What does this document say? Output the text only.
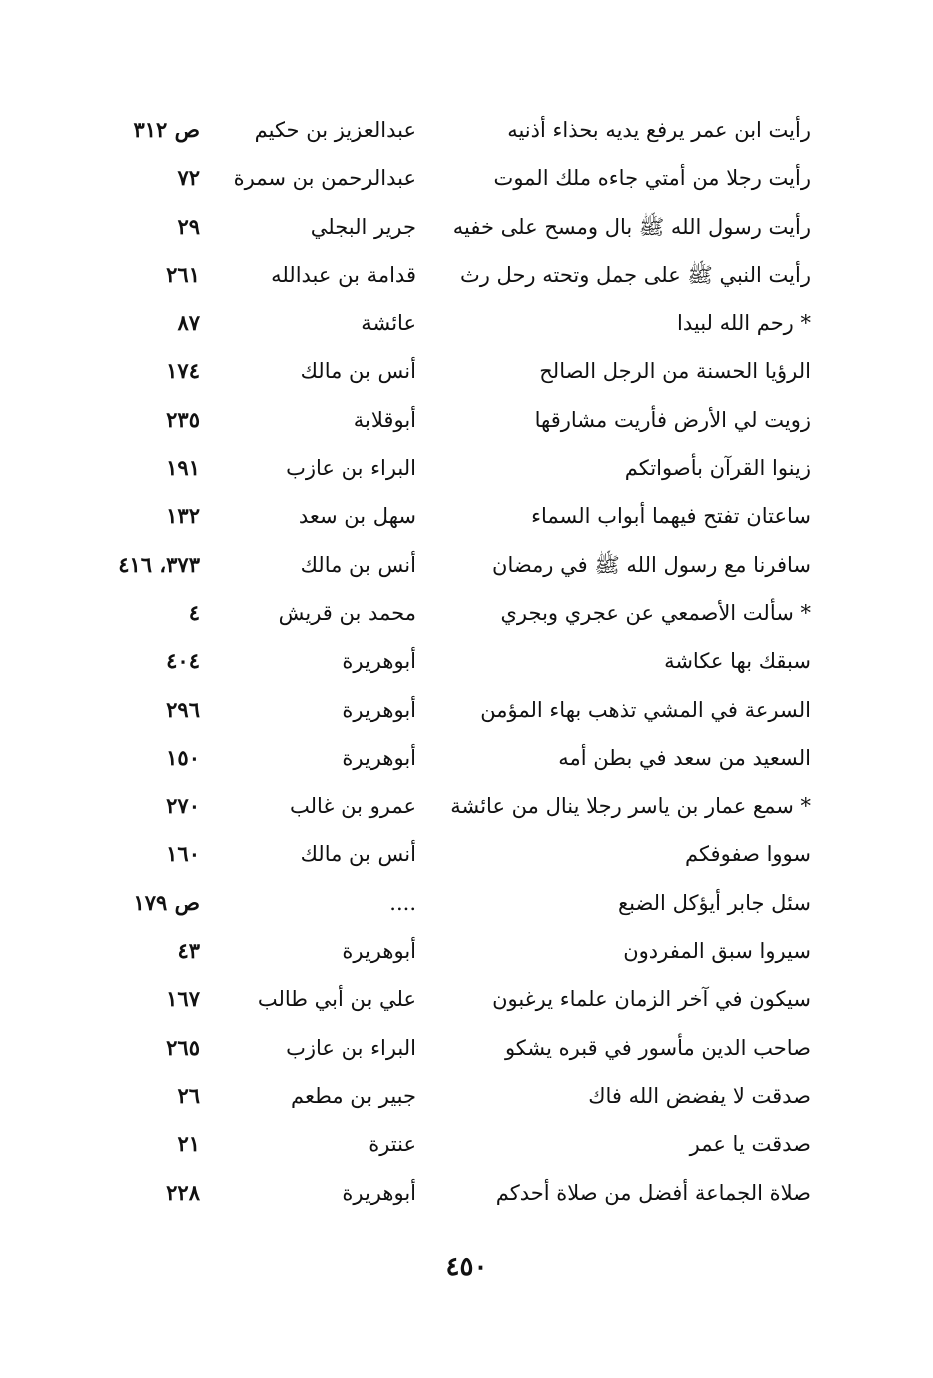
رأيت ابن عمر يرفع يديه بحذاء أذنيه
عبدالعزيز بن حكيم
ص ٣١٢
رأيت رجلا من أمتي جاءه ملك الموت
عبدالرحمن بن سمرة
٧٢
رأيت رسول الله ﷺ بال ومسح على خفيه
جرير البجلي
٢٩
رأيت النبي ﷺ على جمل وتحته رحل رث
قدامة بن عبدالله
٢٦١
* رحم الله لبيدا
عائشة
٨٧
الرؤيا الحسنة من الرجل الصالح
أنس بن مالك
١٧٤
زويت لي الأرض فأريت مشارقها
أبوقلابة
٢٣٥
زينوا القرآن بأصواتكم
البراء بن عازب
١٩١
ساعتان تفتح فيهما أبواب السماء
سهل بن سعد
١٣٢
سافرنا مع رسول الله ﷺ في رمضان
أنس بن مالك
٣٧٣، ٤١٦
* سألت الأصمعي عن عجري وبجري
محمد بن قريش
٤
سبقك بها عكاشة
أبوهريرة
٤٠٤
السرعة في المشي تذهب بهاء المؤمن
أبوهريرة
٢٩٦
السعيد من سعد في بطن أمه
أبوهريرة
١٥٠
* سمع عمار بن ياسر رجلا ينال من عائشة
عمرو بن غالب
٢٧٠
سووا صفوفكم
أنس بن مالك
١٦٠
سئل جابر أيؤكل الضبع
....
ص ١٧٩
سيروا سبق المفردون
أبوهريرة
٤٣
سيكون في آخر الزمان علماء يرغبون
علي بن أبي طالب
١٦٧
صاحب الدين مأسور في قبره يشكو
البراء بن عازب
٢٦٥
صدقت لا يفضض الله فاك
جبير بن مطعم
٢٦
صدقت يا عمر
عنترة
٢١
صلاة الجماعة أفضل من صلاة أحدكم
أبوهريرة
٢٢٨
٤٥٠
